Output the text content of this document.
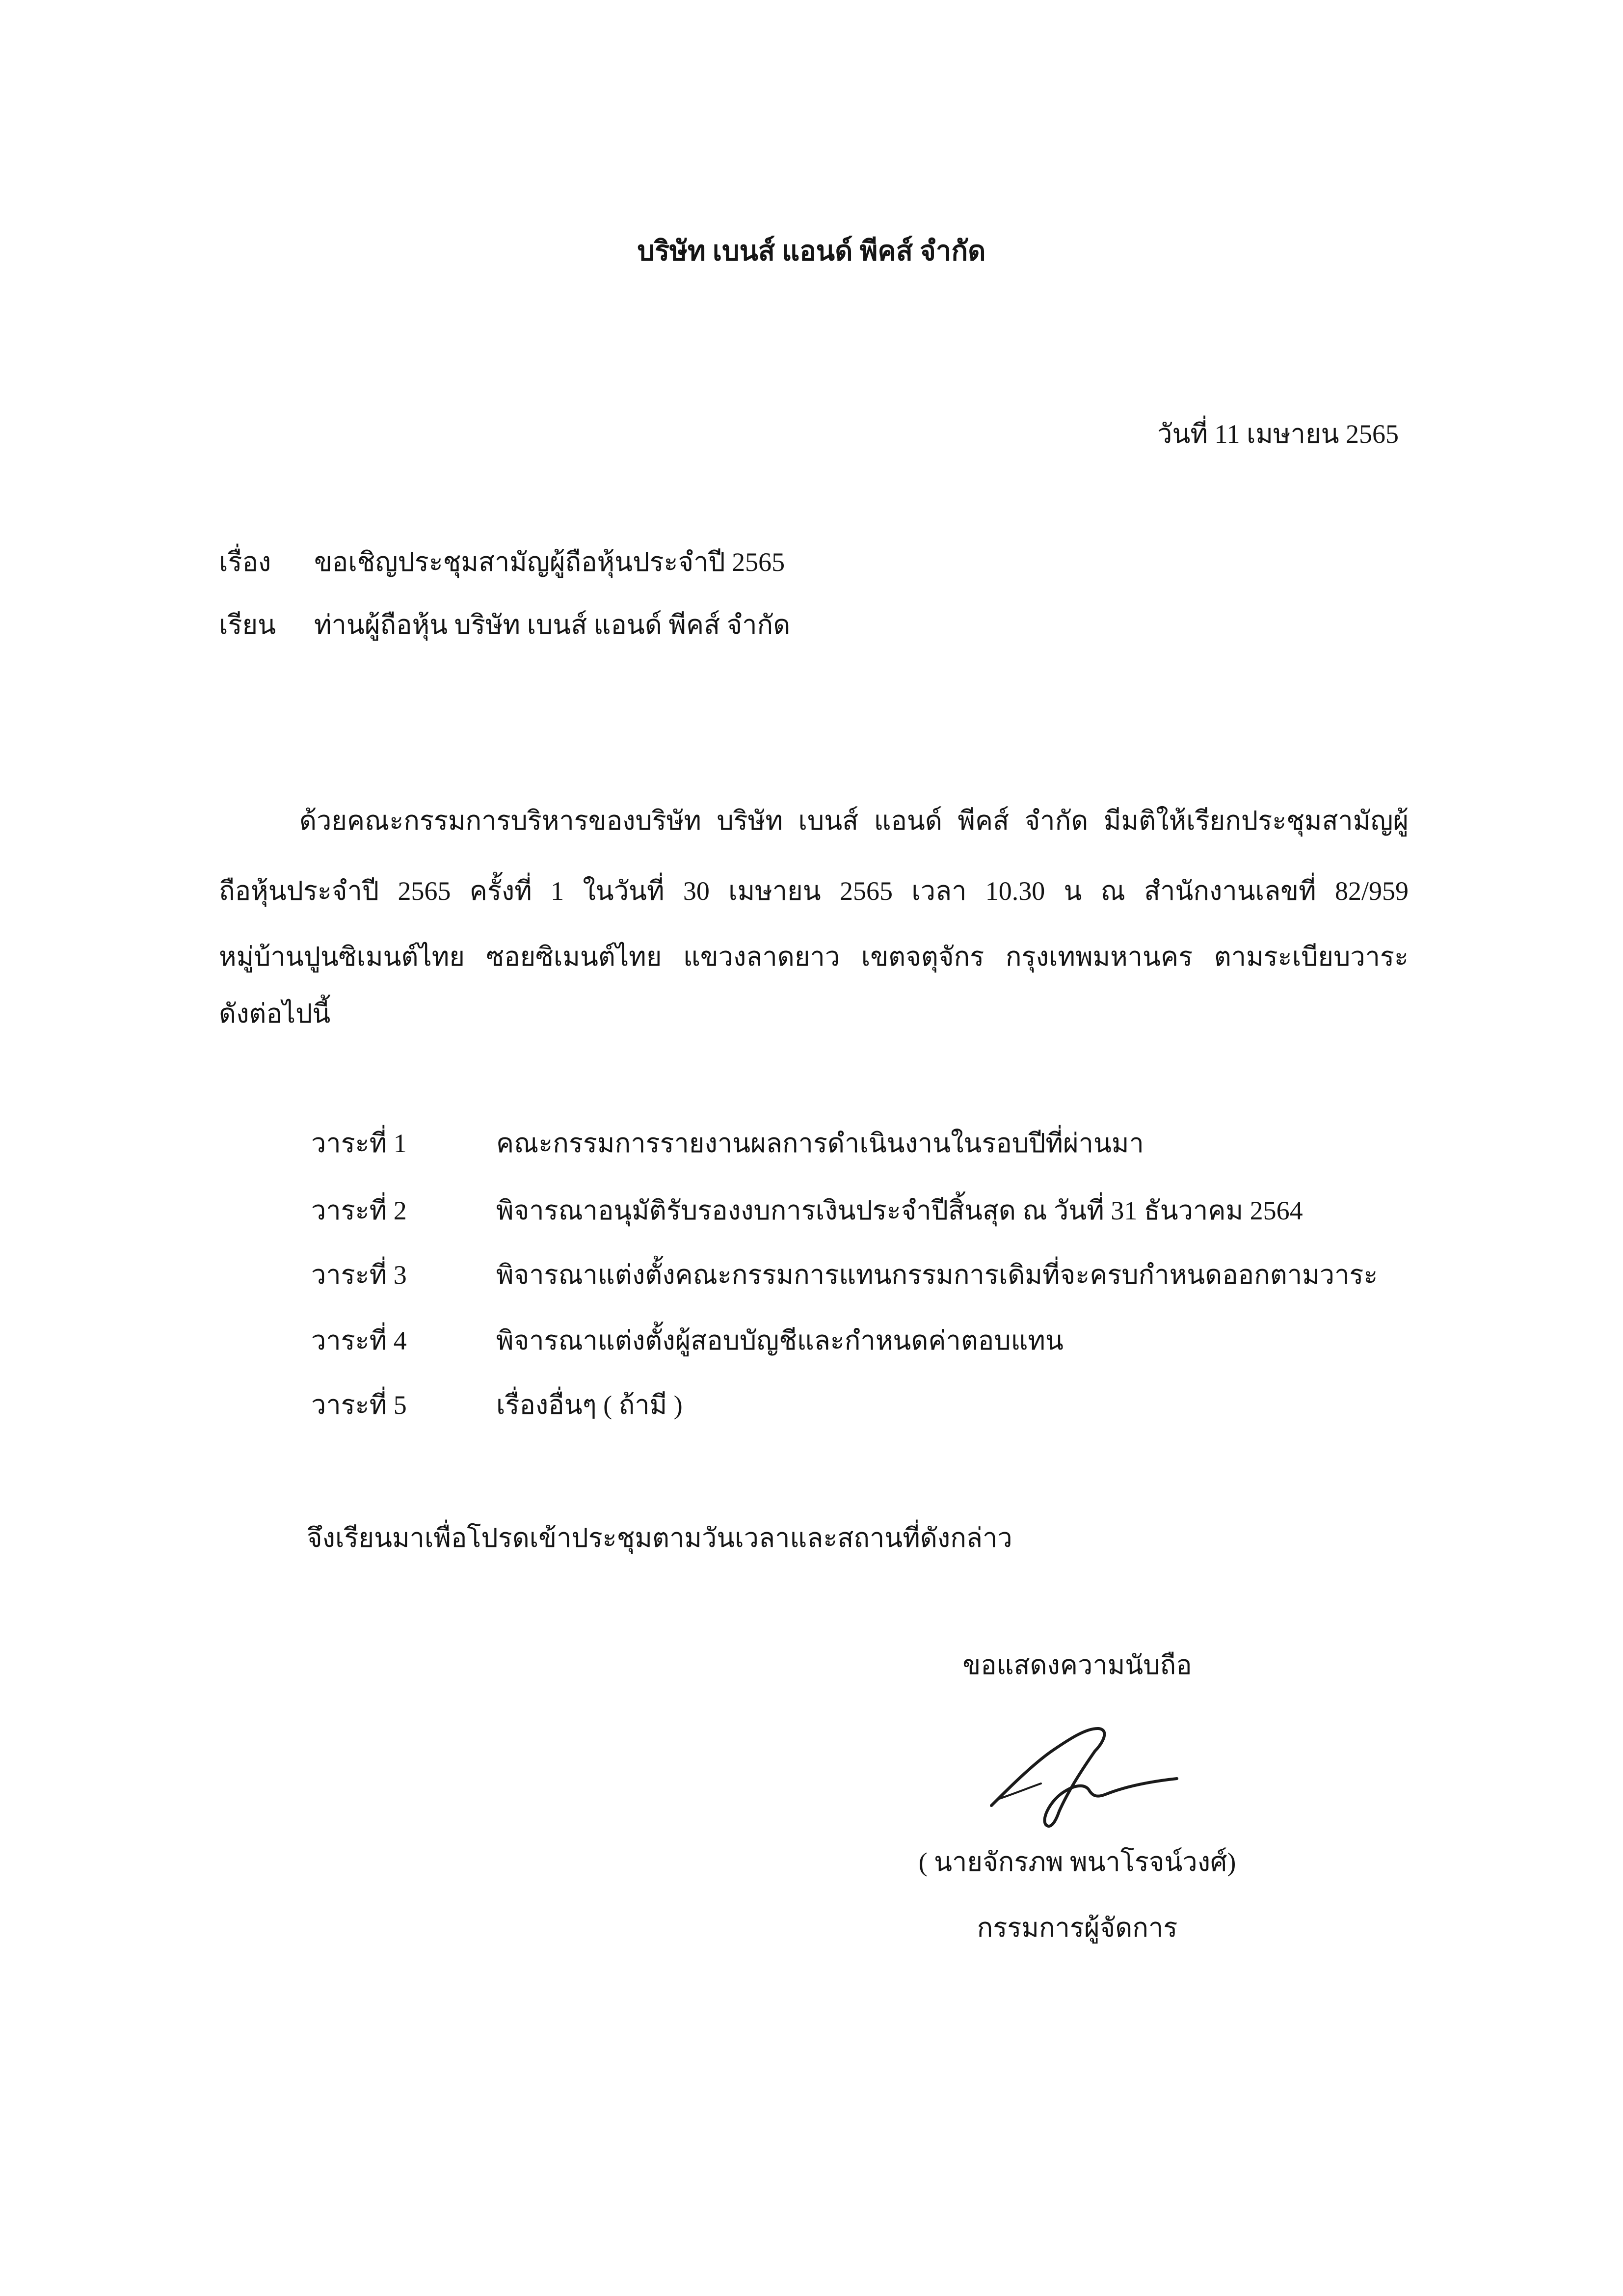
บริษัท เบนส์ แอนด์ พีคส์ จำกัด
วันที่ 11 เมษายน 2565
เรื่อง ขอเชิญประชุมสามัญผู้ถือหุ้นประจำปี 2565
เรียน ท่านผู้ถือหุ้น บริษัท เบนส์ แอนด์ พีคส์ จำกัด
ด้วยคณะกรรมการบริหารของบริษัท บริษัท เบนส์ แอนด์ พีคส์ จำกัด มีมติให้เรียกประชุมสามัญผู้
ถือหุ้นประจำปี 2565 ครั้งที่ 1 ในวันที่ 30 เมษายน 2565 เวลา 10.30 น ณ สำนักงานเลขที่ 82/959
หมู่บ้านปูนซิเมนต์ไทย ซอยซิเมนต์ไทย แขวงลาดยาว เขตจตุจักร กรุงเทพมหานคร ตามระเบียบวาระ
ดังต่อไปนี้
วาระที่ 1	คณะกรรมการรายงานผลการดำเนินงานในรอบปีที่ผ่านมา
วาระที่ 2	พิจารณาอนุมัติรับรองงบการเงินประจำปีสิ้นสุด ณ วันที่ 31 ธันวาคม 2564
วาระที่ 3	พิจารณาแต่งตั้งคณะกรรมการแทนกรรมการเดิมที่จะครบกำหนดออกตามวาระ
วาระที่ 4	พิจารณาแต่งตั้งผู้สอบบัญชีและกำหนดค่าตอบแทน
วาระที่ 5	เรื่องอื่นๆ ( ถ้ามี )
จึงเรียนมาเพื่อโปรดเข้าประชุมตามวันเวลาและสถานที่ดังกล่าว
ขอแสดงความนับถือ
( นายจักรภพ พนาโรจน์วงศ์)
กรรมการผู้จัดการ
